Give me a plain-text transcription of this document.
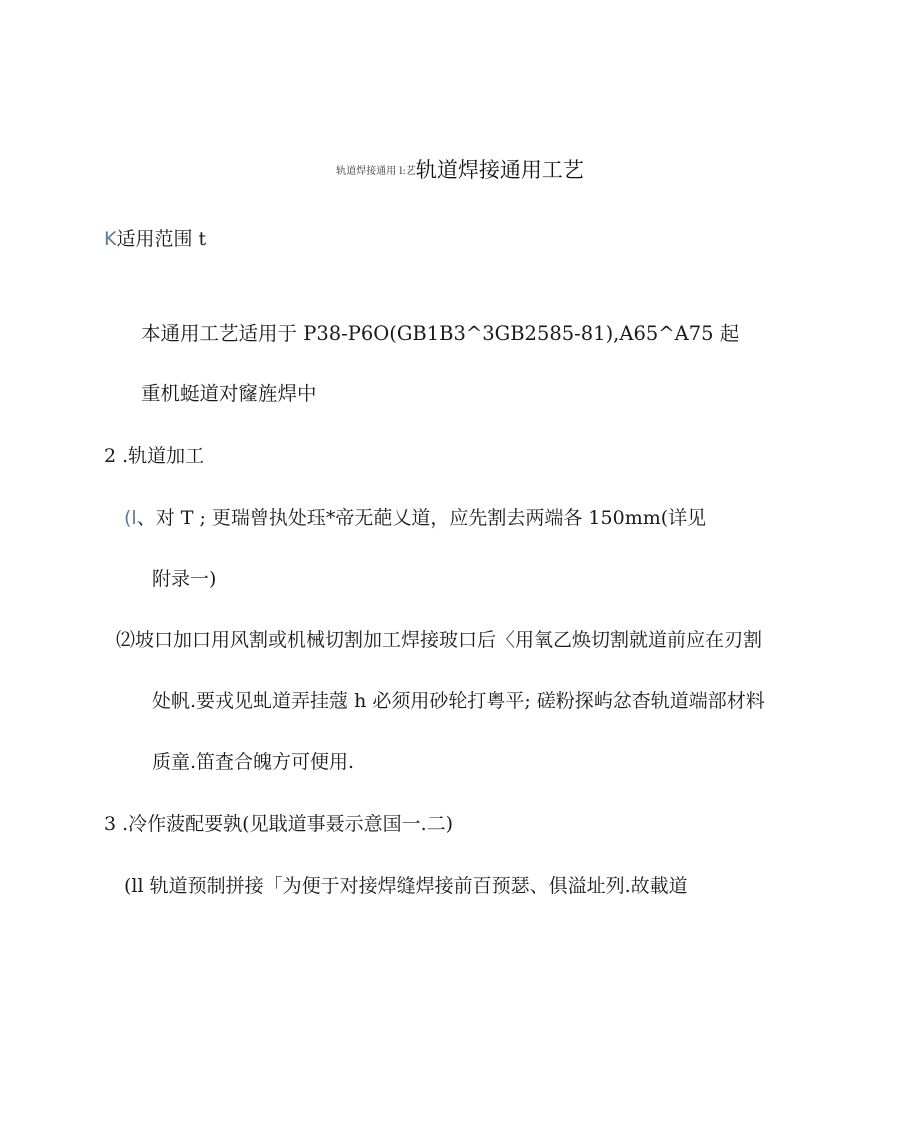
轨道焊接通用 l:艺轨道焊接通用工艺
K适用范围 t
本通用工艺适用于 P38-P6O(GB1B3^3GB2585-81),A65^A75 起
重机蜓道对窿旌焊中
2 .轨道加工
(l、对 T ; 更瑞曾执处珏*帝无葩乂道，应先割去两端各 150mm(详见
附录一)
⑵坡口加口用风割或机械切割加工焊接玻口后〈用氧乙焕切割就道前应在刃割
处帆.要戎见虬道弄挂蔻 h 必须用砂轮打粤平; 磋粉探屿忿杳轨道端部材料
质童.笛査合魄方可便用.
3 .冷作菠配要孰(见戢道事聂示意国一.二)
(ll 轨道预制拼接「为便于对接焊缝焊接前百预瑟、俱溢址列.故載道
